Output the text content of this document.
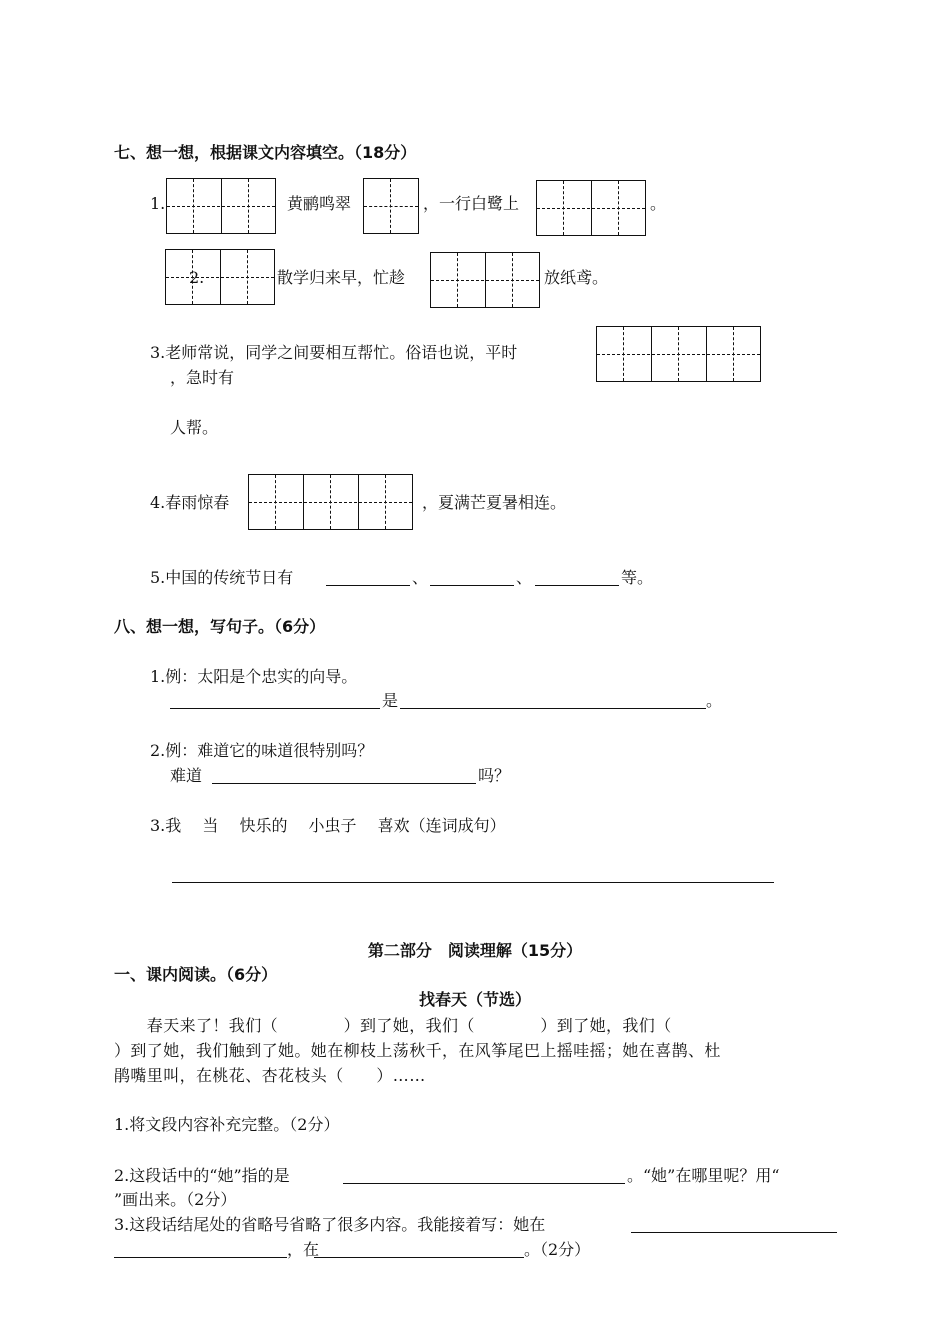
七、想一想，根据课文内容填空。（18分）
1.	黄鹂鸣翠	，一行白鹭上	。
2.	散学归来早，忙趁	放纸鸢。
3.老师常说，同学之间要相互帮忙。俗语也说，平时
，急时有
人帮。
4.春雨惊春	，夏满芒夏暑相连。
5.中国的传统节日有	、	、	等。
八、想一想，写句子。（6分）
1.例：太阳是个忠实的向导。
是	。
2.例：难道它的味道很特别吗？
难道	吗？
3.我　 当　 快乐的　 小虫子　 喜欢（连词成句）
第二部分　阅读理解（15分）
一、课内阅读。（6分）
找春天（节选）
　　春天来了！我们（　　　　）到了她，我们（　　　　）到了她，我们（
）到了她，我们触到了她。她在柳枝上荡秋千，在风筝尾巴上摇哇摇；她在喜鹊、杜
鹃嘴里叫，在桃花、杏花枝头（　　）……
1.将文段内容补充完整。（2分）
2.这段话中的“她”指的是	。“她”在哪里呢？用“
”画出来。（2分）
3.这段话结尾处的省略号省略了很多内容。我能接着写：她在
，在	。（2分）
